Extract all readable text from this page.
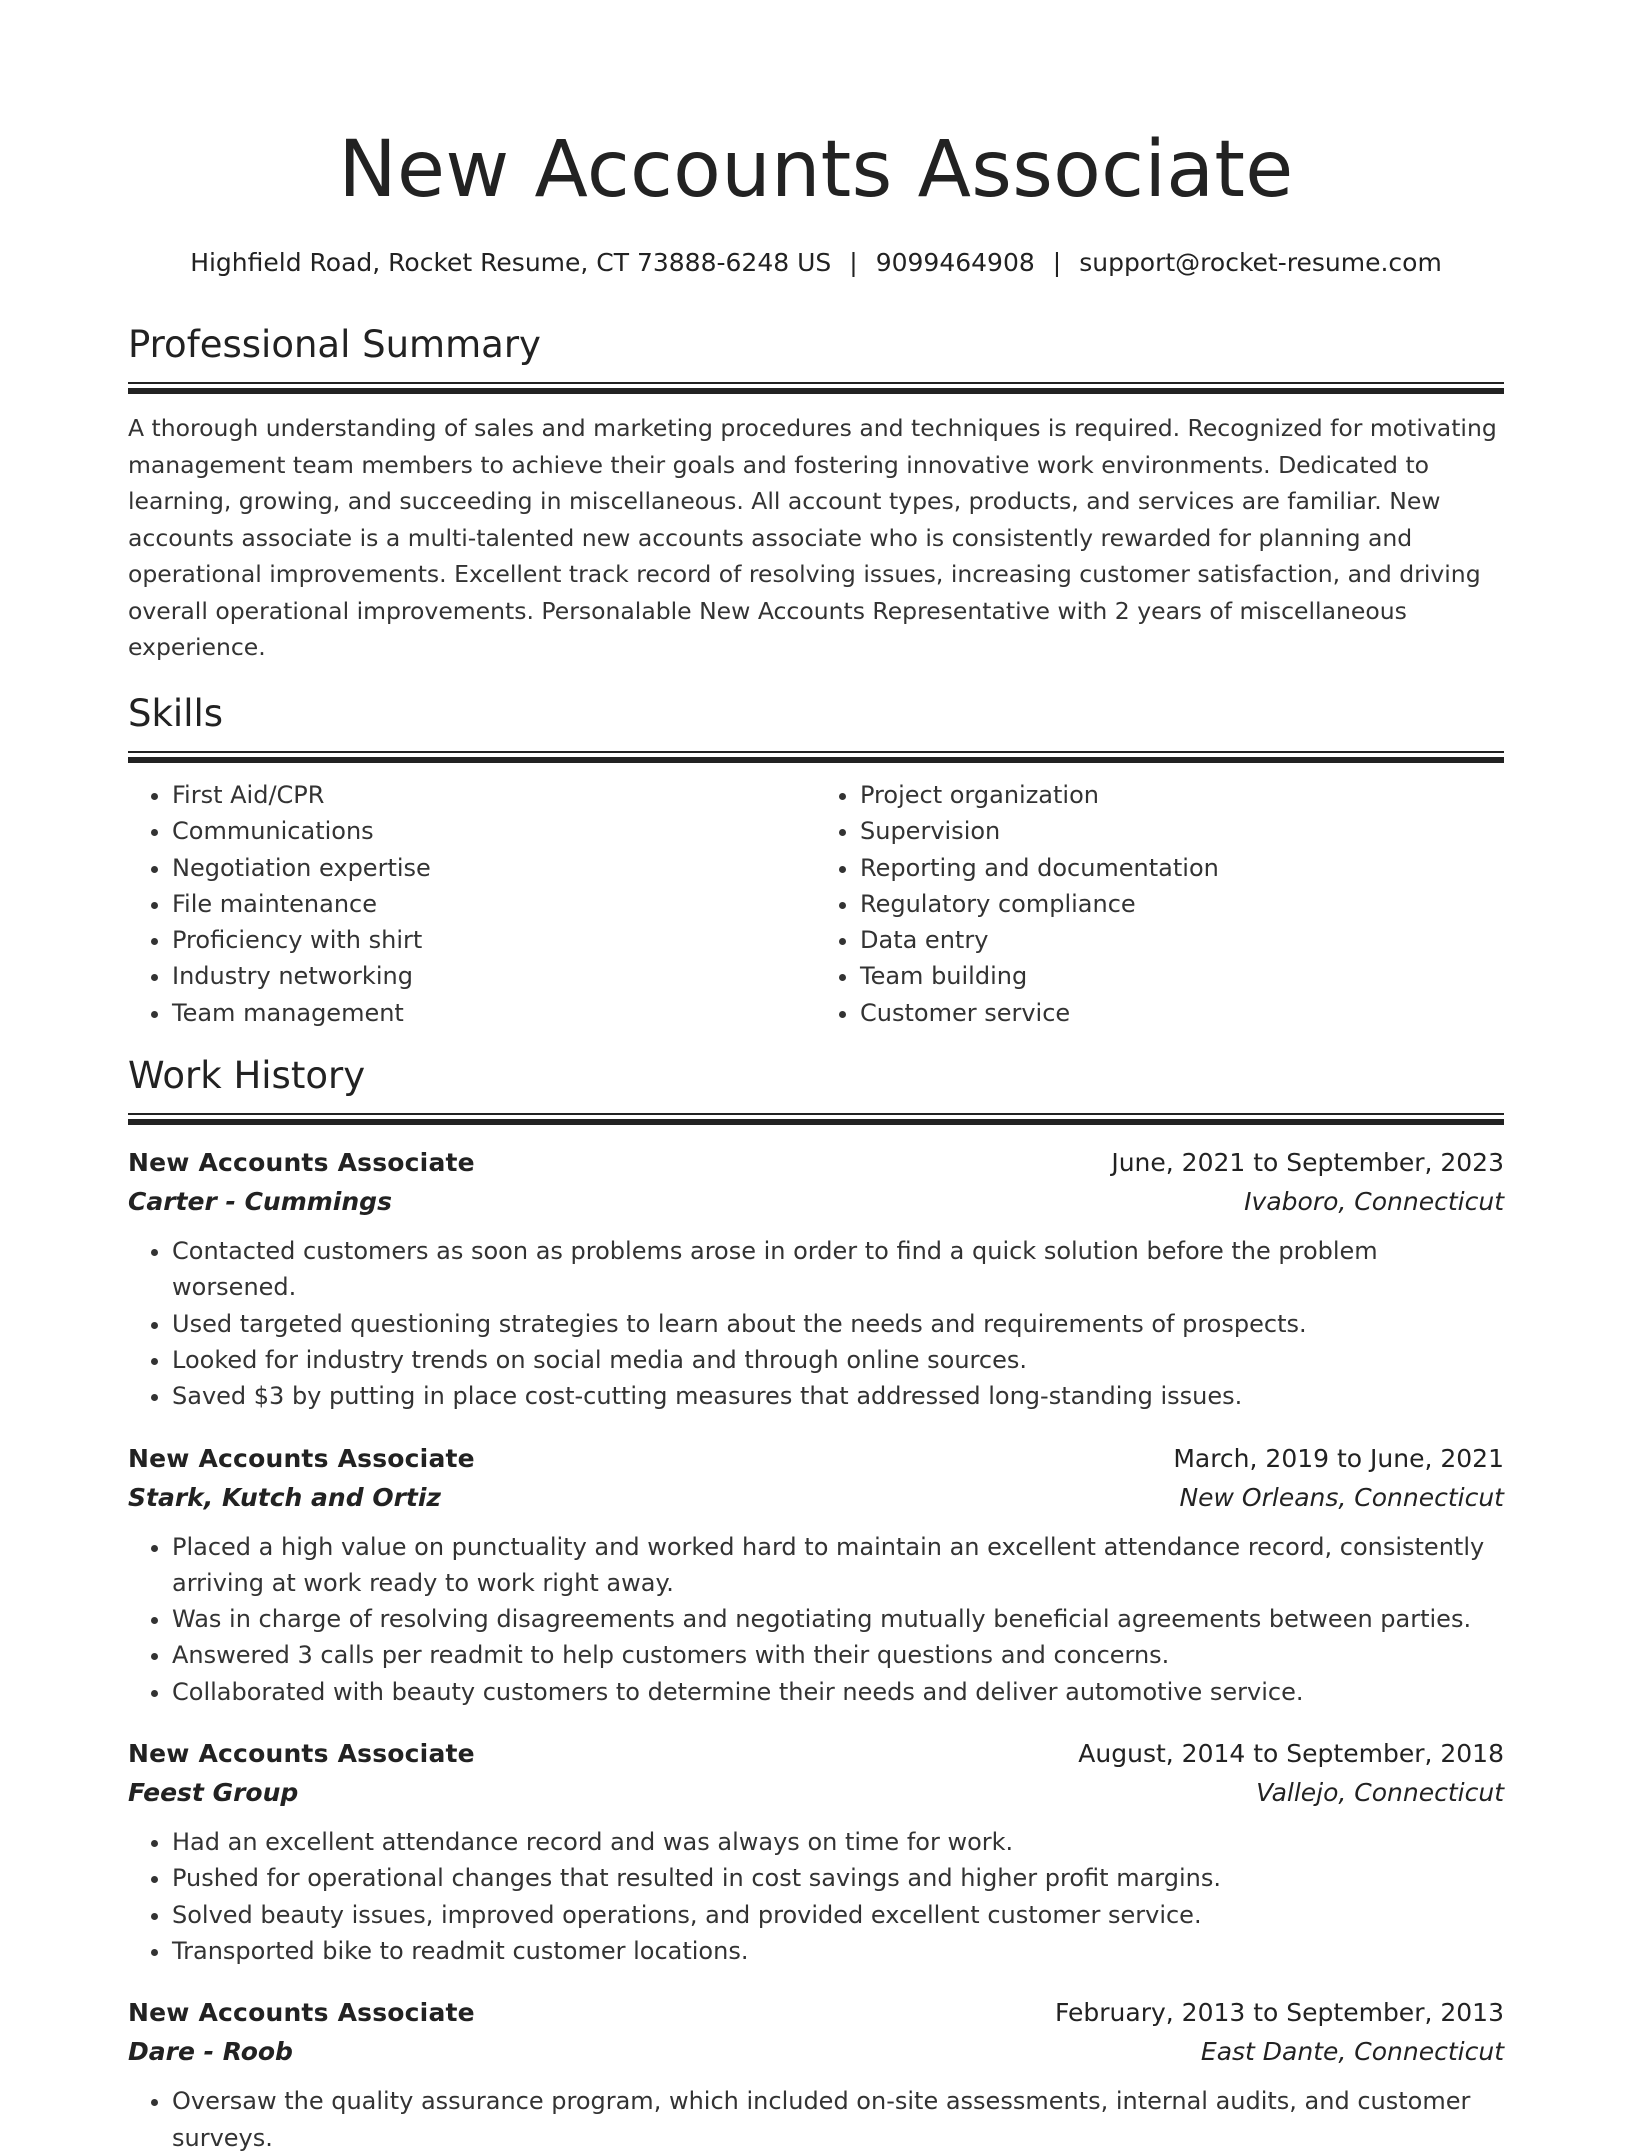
New Accounts Associate
Highfield Road, Rocket Resume, CT 73888-6248 US | 9099464908 | support@rocket-resume.com
Professional Summary

A thorough understanding of sales and marketing procedures and techniques is required. Recognized for motivating management team members to achieve their goals and fostering innovative work environments. Dedicated to learning, growing, and succeeding in miscellaneous. All account types, products, and services are familiar. New accounts associate is a multi-talented new accounts associate who is consistently rewarded for planning and operational improvements. Excellent track record of resolving issues, increasing customer satisfaction, and driving overall operational improvements. Personalable New Accounts Representative with 2 years of miscellaneous experience.

Skills
• First Aid/CPR
• Communications
• Negotiation expertise
• File maintenance
• Proficiency with shirt
• Industry networking
• Team management
• Project organization
• Supervision
• Reporting and documentation
• Regulatory compliance
• Data entry
• Team building
• Customer service
Work History
New Accounts Associate	June, 2021 to September, 2023
Carter - Cummings	Ivaboro, Connecticut
• Contacted customers as soon as problems arose in order to find a quick solution before the problem worsened.
• Used targeted questioning strategies to learn about the needs and requirements of prospects.
• Looked for industry trends on social media and through online sources.
• Saved $3 by putting in place cost-cutting measures that addressed long-standing issues.
New Accounts Associate	March, 2019 to June, 2021
Stark, Kutch and Ortiz	New Orleans, Connecticut
• Placed a high value on punctuality and worked hard to maintain an excellent attendance record, consistently arriving at work ready to work right away.
• Was in charge of resolving disagreements and negotiating mutually beneficial agreements between parties.
• Answered 3 calls per readmit to help customers with their questions and concerns.
• Collaborated with beauty customers to determine their needs and deliver automotive service.
New Accounts Associate	August, 2014 to September, 2018
Feest Group	Vallejo, Connecticut
• Had an excellent attendance record and was always on time for work.
• Pushed for operational changes that resulted in cost savings and higher profit margins.
• Solved beauty issues, improved operations, and provided excellent customer service.
• Transported bike to readmit customer locations.
New Accounts Associate	February, 2013 to September, 2013
Dare - Roob	East Dante, Connecticut
• Oversaw the quality assurance program, which included on-site assessments, internal audits, and customer surveys.
